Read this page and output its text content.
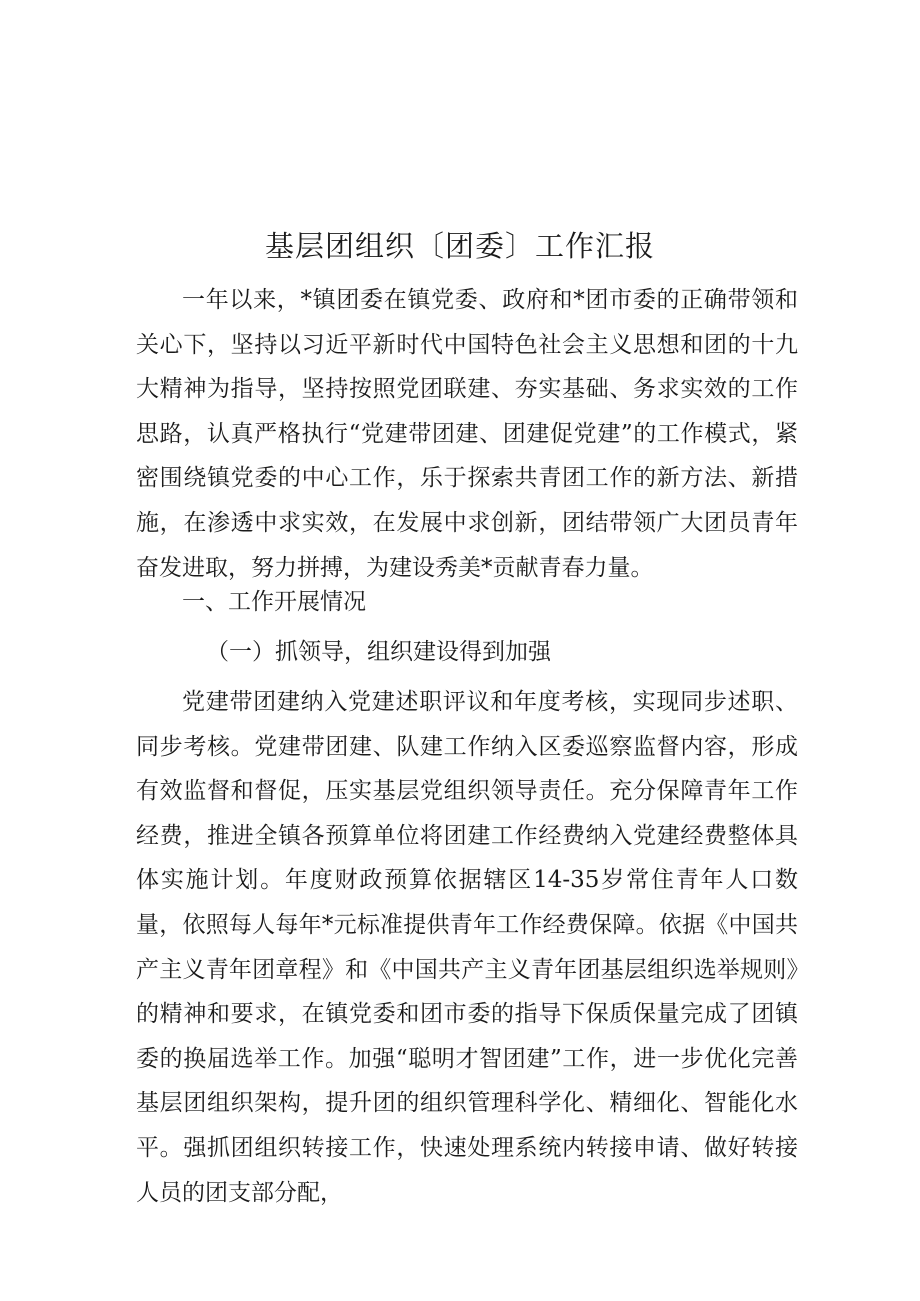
基层团组织〔团委〕工作汇报

一年以来，*镇团委在镇党委、政府和*团市委的正确带领和关心下，坚持以习近平新时代中国特色社会主义思想和团的十九大精神为指导，坚持按照党团联建、夯实基础、务求实效的工作思路，认真严格执行“党建带团建、团建促党建”的工作模式，紧密围绕镇党委的中心工作，乐于探索共青团工作的新方法、新措施，在渗透中求实效，在发展中求创新，团结带领广大团员青年奋发进取，努力拼搏，为建设秀美*贡献青春力量。

一、工作开展情况

（一）抓领导，组织建设得到加强

党建带团建纳入党建述职评议和年度考核，实现同步述职、同步考核。党建带团建、队建工作纳入区委巡察监督内容，形成有效监督和督促，压实基层党组织领导责任。充分保障青年工作经费，推进全镇各预算单位将团建工作经费纳入党建经费整体具体实施计划。年度财政预算依据辖区14-35岁常住青年人口数量，依照每人每年*元标准提供青年工作经费保障。依据《中国共产主义青年团章程》和《中国共产主义青年团基层组织选举规则》的精神和要求，在镇党委和团市委的指导下保质保量完成了团镇委的换届选举工作。加强“聪明才智团建”工作，进一步优化完善基层团组织架构，提升团的组织管理科学化、精细化、智能化水平。强抓团组织转接工作，快速处理系统内转接申请、做好转接人员的团支部分配，
